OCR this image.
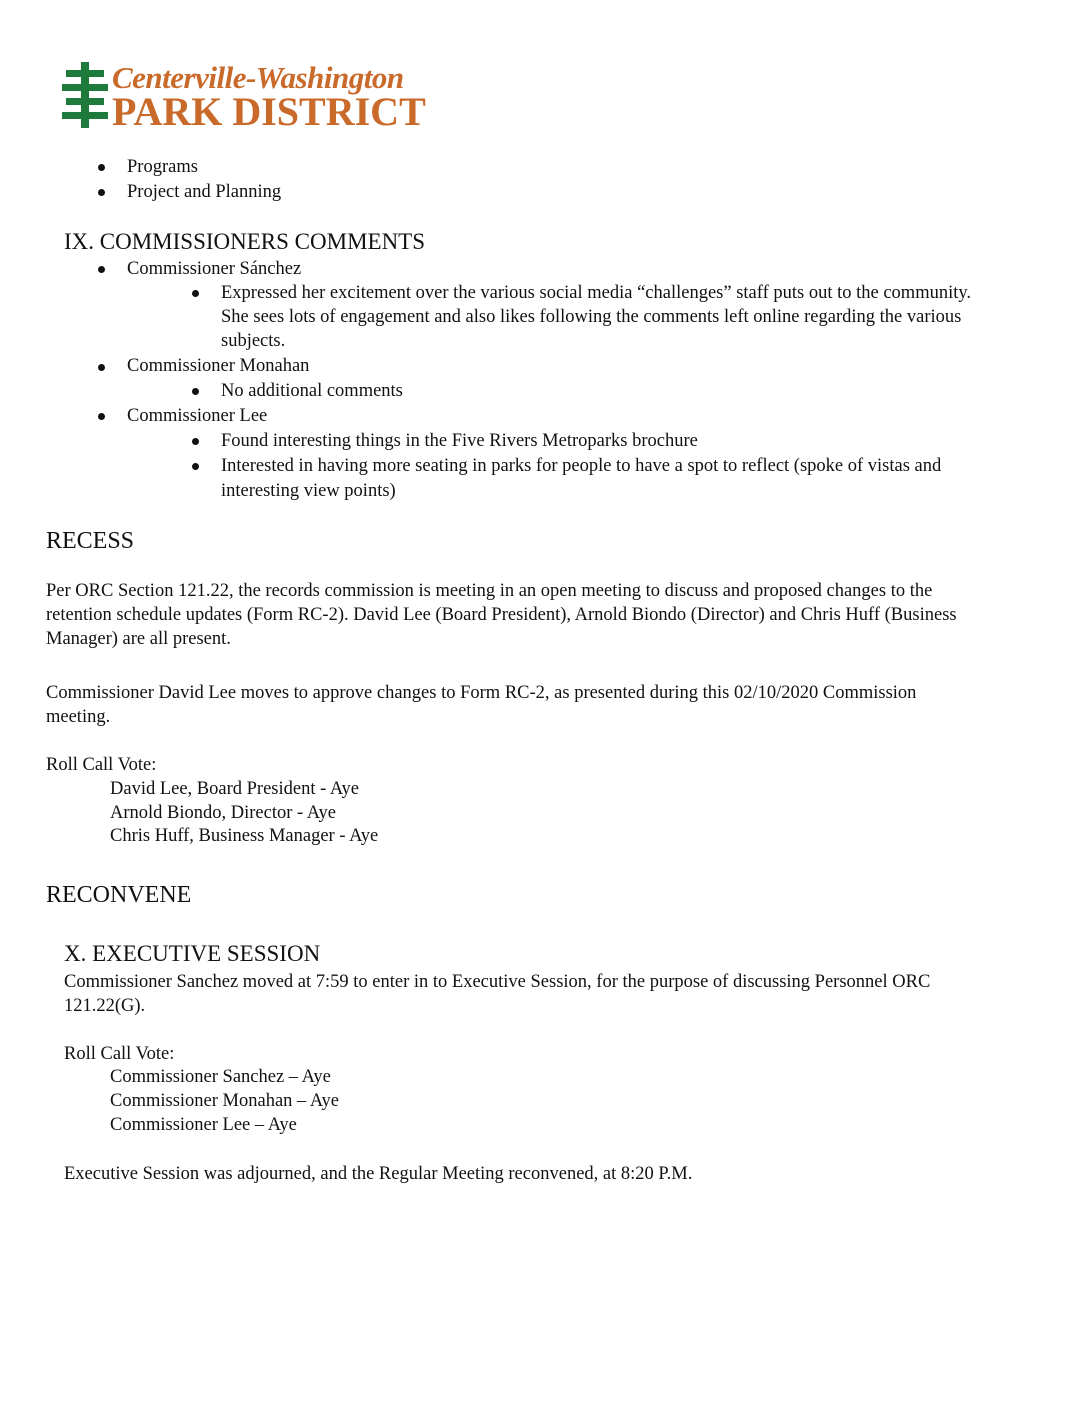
Centerville-Washington
PARK DISTRICT
Programs
Project and Planning
IX. COMMISSIONERS COMMENTS
Commissioner Sánchez
Expressed her excitement over the various social media “challenges” staff puts out to the community.
She sees lots of engagement and also likes following the comments left online regarding the various
subjects.
Commissioner Monahan
No additional comments
Commissioner Lee
Found interesting things in the Five Rivers Metroparks brochure
Interested in having more seating in parks for people to have a spot to reflect (spoke of vistas and
interesting view points)
RECESS
Per ORC Section 121.22, the records commission is meeting in an open meeting to discuss and proposed changes to the
retention schedule updates (Form RC-2). David Lee (Board President), Arnold Biondo (Director) and Chris Huff (Business
Manager) are all present.
Commissioner David Lee moves to approve changes to Form RC-2, as presented during this 02/10/2020 Commission
meeting.
Roll Call Vote:
David Lee, Board President - Aye
Arnold Biondo, Director - Aye
Chris Huff, Business Manager - Aye
RECONVENE
X. EXECUTIVE SESSION
Commissioner Sanchez moved at 7:59 to enter in to Executive Session, for the purpose of discussing Personnel ORC
121.22(G).
Roll Call Vote:
Commissioner Sanchez – Aye
Commissioner Monahan – Aye
Commissioner Lee – Aye
Executive Session was adjourned, and the Regular Meeting reconvened, at 8:20 P.M.
